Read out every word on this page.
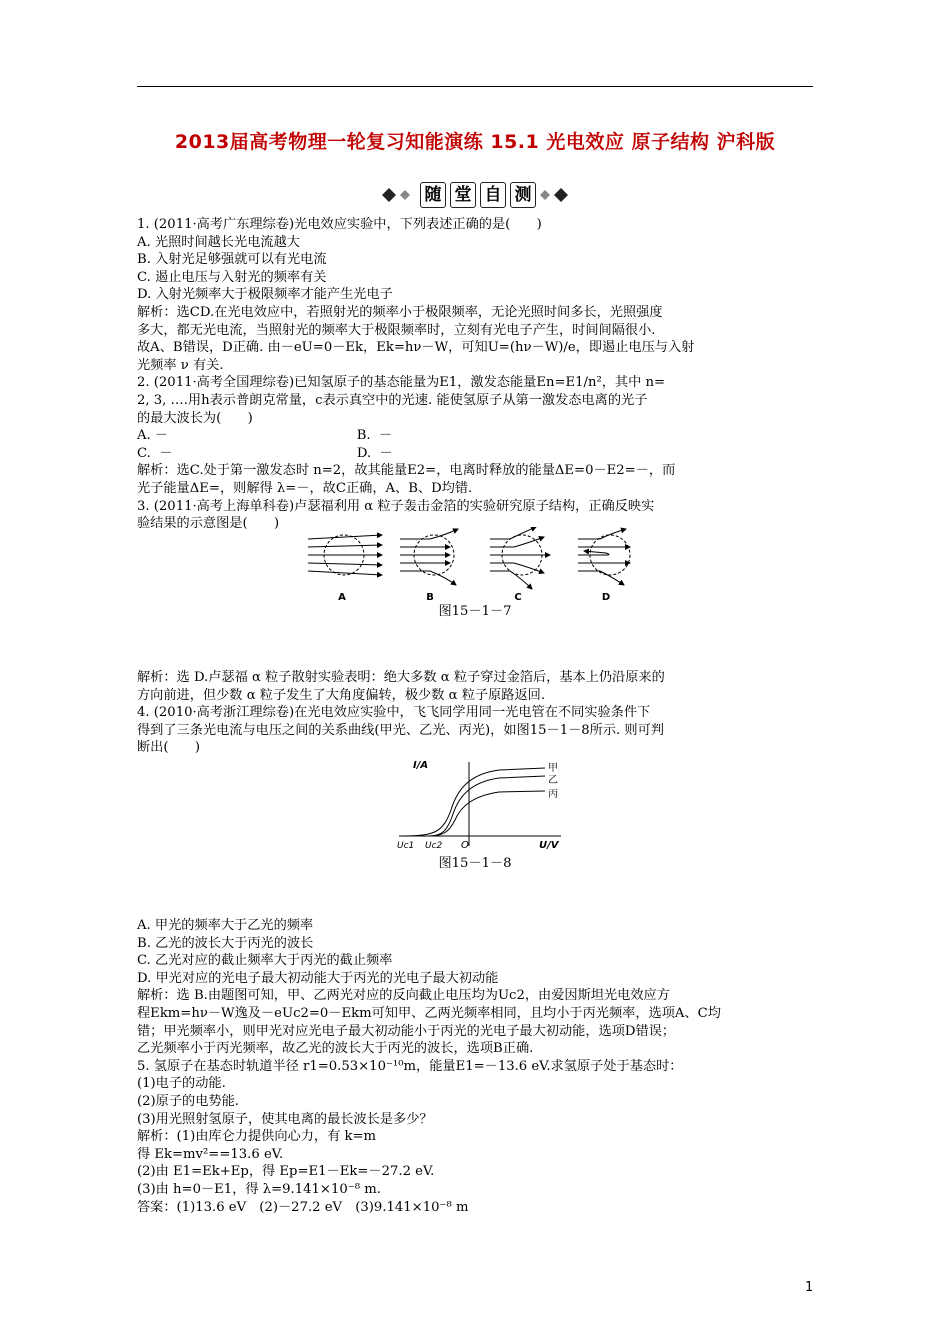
2013届高考物理一轮复习知能演练 15.1 光电效应 原子结构 沪科版
随 堂 自 测

1. (2011·高考广东理综卷)光电效应实验中，下列表述正确的是(　　)

A. 光照时间越长光电流越大

B. 入射光足够强就可以有光电流

C. 遏止电压与入射光的频率有关

D. 入射光频率大于极限频率才能产生光电子

解析：选CD.在光电效应中，若照射光的频率小于极限频率，无论光照时间多长，光照强度

多大，都无光电流，当照射光的频率大于极限频率时，立刻有光电子产生，时间间隔很小.

故A、B错误，D正确. 由－eU=0－Ek，Ek=hν－W，可知U=(hν－W)/e，即遏止电压与入射

光频率 ν 有关.

2. (2011·高考全国理综卷)已知氢原子的基态能量为E1，激发态能量En=E1/n²，其中 n=

2, 3, ….用h表示普朗克常量，c表示真空中的光速. 能使氢原子从第一激发态电离的光子

的最大波长为(　　)

A. －                                             B.  －

C.  －                                            D.  －

解析：选C.处于第一激发态时 n=2，故其能量E2=，电离时释放的能量ΔE=0－E2=－，而

光子能量ΔE=，则解得 λ=－，故C正确，A、B、D均错.

3. (2011·高考上海单科卷)卢瑟福利用 α 粒子轰击金箔的实验研究原子结构，正确反映实

验结果的示意图是(　　)

A	B	C	D
图15－1－7

解析：选 D.卢瑟福 α 粒子散射实验表明：绝大多数 α 粒子穿过金箔后，基本上仍沿原来的

方向前进，但少数 α 粒子发生了大角度偏转，极少数 α 粒子原路返回.

4. (2010·高考浙江理综卷)在光电效应实验中，飞飞同学用同一光电管在不同实验条件下

得到了三条光电流与电压之间的关系曲线(甲光、乙光、丙光)，如图15－1－8所示. 则可判

断出(　　)

I/A
U/V
O
Uc1 Uc2
甲
乙
丙
图15－1－8

A. 甲光的频率大于乙光的频率

B. 乙光的波长大于丙光的波长

C. 乙光对应的截止频率大于丙光的截止频率

D. 甲光对应的光电子最大初动能大于丙光的光电子最大初动能

解析：选 B.由题图可知，甲、乙两光对应的反向截止电压均为Uc2，由爱因斯坦光电效应方

程Ekm=hν－W逸及－eUc2=0－Ekm可知甲、乙两光频率相同，且均小于丙光频率，选项A、C均

错；甲光频率小，则甲光对应光电子最大初动能小于丙光的光电子最大初动能，选项D错误；

乙光频率小于丙光频率，故乙光的波长大于丙光的波长，选项B正确.

5. 氢原子在基态时轨道半径 r1=0.53×10⁻¹⁰m，能量E1=－13.6 eV.求氢原子处于基态时：

(1)电子的动能.

(2)原子的电势能.

(3)用光照射氢原子，使其电离的最长波长是多少？

解析：(1)由库仑力提供向心力，有 k=m

得 Ek=mv²==13.6 eV.

(2)由 E1=Ek+Ep，得 Ep=E1－Ek=－27.2 eV.

(3)由 h=0－E1，得 λ=9.141×10⁻⁸ m.

答案：(1)13.6 eV　(2)－27.2 eV　(3)9.141×10⁻⁸ m

1
